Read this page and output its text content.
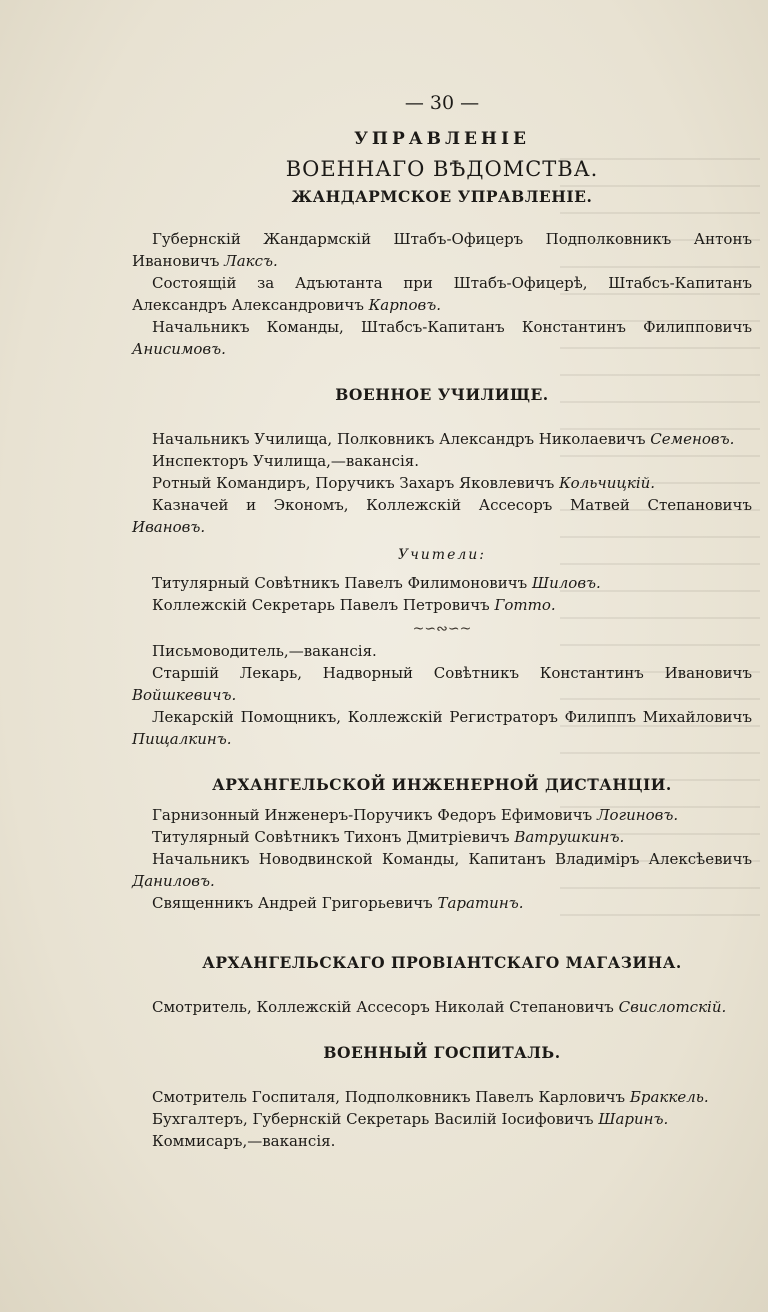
— 30 —
УПРАВЛЕНІЕ
ВОЕННАГО ВѢДОМСТВА.
ЖАНДАРМСКОЕ УПРАВЛЕНІЕ.

Губернскій Жандармскій Штабъ-Офицеръ Подполковникъ Антонъ Ивановичъ Лаксъ.

Состоящій за Адъютанта при Штабъ-Офицерѣ, Штабсъ-Капитанъ Александръ Александровичъ Карповъ.

Начальникъ Команды, Штабсъ-Капитанъ Константинъ Филипповичъ Анисимовъ.

ВОЕННОЕ УЧИЛИЩЕ.

Начальникъ Училища, Полковникъ Александръ Николаевичъ Семеновъ.

Инспекторъ Училища,—вакансія.

Ротный Командиръ, Поручикъ Захаръ Яковлевичъ Кольчицкій.

Казначей и Экономъ, Коллежскій Ассесоръ Матвей Степановичъ Ивановъ.

Учители:

Титулярный Совѣтникъ Павелъ Филимоновичъ Шиловъ.

Коллежскій Секретарь Павелъ Петровичъ Готто.

~∽∾∽~

Письмоводитель,—вакансія.

Старшій Лекарь, Надворный Совѣтникъ Константинъ Ивановичъ Войшкевичъ.

Лекарскій Помощникъ, Коллежскій Регистраторъ Филиппъ Михайловичъ Пищалкинъ.

АРХАНГЕЛЬСКОЙ ИНЖЕНЕРНОЙ ДИСТАНЦІИ.

Гарнизонный Инженеръ-Поручикъ Федоръ Ефимовичъ Логиновъ.

Титулярный Совѣтникъ Тихонъ Дмитріевичъ Ватрушкинъ.

Начальникъ Новодвинской Команды, Капитанъ Владиміръ Алексѣевичъ Даниловъ.

Священникъ Андрей Григорьевичъ Таратинъ.

АРХАНГЕЛЬСКАГО ПРОВІАНТСКАГО МАГАЗИНА.

Смотритель, Коллежскій Ассесоръ Николай Степановичъ Свислотскій.

ВОЕННЫЙ ГОСПИТАЛЬ.

Смотритель Госпиталя, Подполковникъ Павелъ Карловичъ Браккель.

Бухгалтеръ, Губернскій Секретарь Василій Іосифовичъ Шаринъ.

Коммисаръ,—вакансія.
